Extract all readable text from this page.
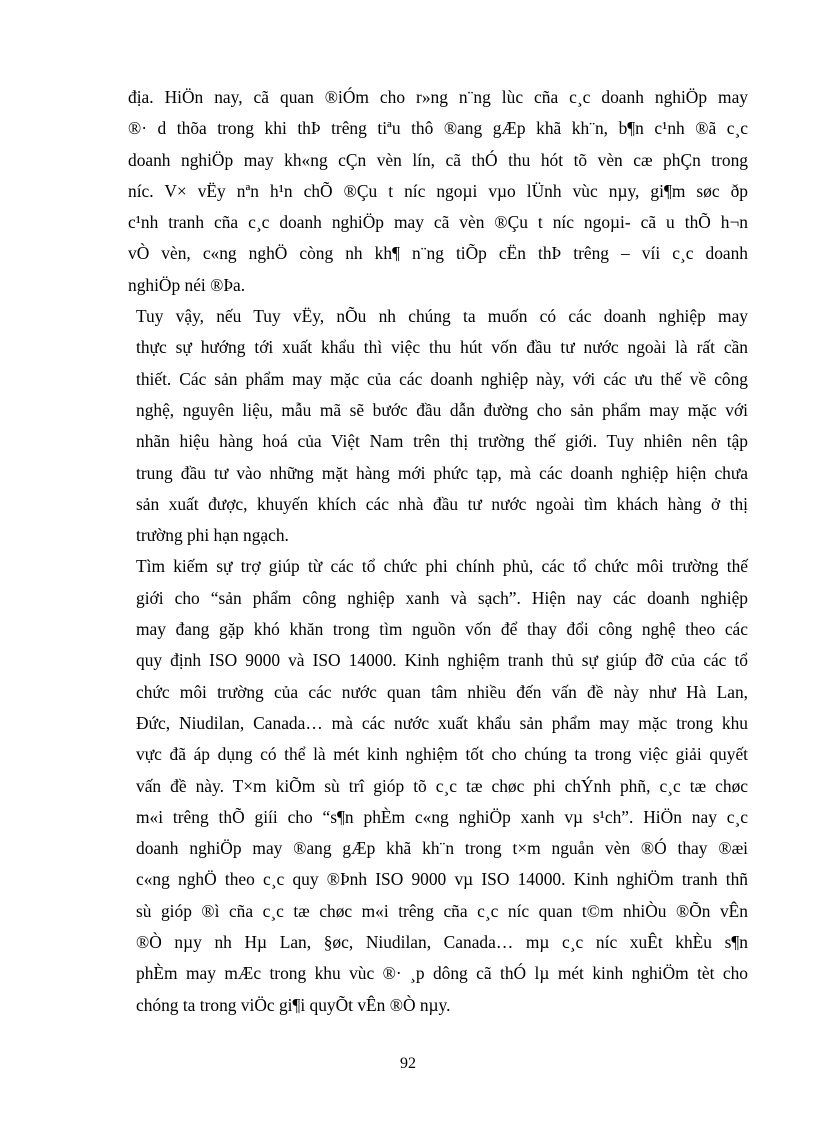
địa. HiÖn nay, cã quan ®iÓm cho r»ng n¨ng lùc cña c¸c doanh nghiÖp may
®· d thõa trong khi thÞ trêng tiªu thô ®ang gÆp khã kh¨n, b¶n c¹nh ®ã c¸c
doanh nghiÖp may kh«ng cÇn vèn lín, cã thÓ thu hót tõ vèn cæ phÇn trong
níc. V× vËy nªn h¹n chÕ ®Çu t níc ngoµi vµo lÜnh vùc nµy, gi¶m søc ðp
c¹nh tranh cña c¸c doanh nghiÖp may cã vèn ®Çu t níc ngoµi- cã u thÕ h¬n
vÒ vèn, c«ng nghÖ còng nh kh¶ n¨ng tiÕp cËn thÞ trêng – víi c¸c doanh
nghiÖp néi ®Þa.

Tuy vậy, nếu Tuy vËy, nÕu nh chúng ta muốn có các doanh nghiệp may
thực sự hướng tới xuất khẩu thì việc thu hút vốn đầu tư nước ngoài là rất cần
thiết. Các sản phẩm may mặc của các doanh nghiệp này, với các ưu thế về công
nghệ, nguyên liệu, mẫu mã sẽ bước đầu dẫn đường cho sản phẩm may mặc với
nhãn hiệu hàng hoá của Việt Nam trên thị trường thế giới. Tuy nhiên nên tập
trung đầu tư vào những mặt hàng mới phức tạp, mà các doanh nghiệp hiện chưa
sản xuất được, khuyến khích các nhà đầu tư nước ngoài tìm khách hàng ở thị
trường phi hạn ngạch.

Tìm kiếm sự trợ giúp từ các tổ chức phi chính phủ, các tổ chức môi trường thế
giới cho “sản phẩm công nghiệp xanh và sạch”. Hiện nay các doanh nghiệp
may đang gặp khó khăn trong tìm nguồn vốn để thay đổi công nghệ theo các
quy định ISO 9000 và ISO 14000. Kinh nghiệm tranh thủ sự giúp đỡ của các tổ
chức môi trường của các nước quan tâm nhiều đến vấn đề này như Hà Lan,
Đức, Niudilan, Canada… mà các nước xuất khẩu sản phẩm may mặc trong khu
vực đã áp dụng có thể là mét kinh nghiệm tốt cho chúng ta trong việc giải quyết
vấn đề này. T×m kiÕm sù trî gióp tõ c¸c tæ chøc phi chÝnh phñ, c¸c tæ chøc
m«i trêng thÕ giíi cho “s¶n phÈm c«ng nghiÖp xanh vµ s¹ch”. HiÖn nay c¸c
doanh nghiÖp may ®ang gÆp khã kh¨n trong t×m nguån vèn ®Ó thay ®æi
c«ng nghÖ theo c¸c quy ®Þnh ISO 9000 vµ ISO 14000. Kinh nghiÖm tranh thñ
sù gióp ®ì cña c¸c tæ chøc m«i trêng cña c¸c níc quan t©m nhiÒu ®Õn vÊn
®Ò nµy nh Hµ Lan, §øc, Niudilan, Canada… mµ c¸c níc xuÊt khÈu s¶n
phÈm may mÆc trong khu vùc ®· ¸p dông cã thÓ lµ mét kinh nghiÖm tèt cho
chóng ta trong viÖc gi¶i quyÕt vÊn ®Ò nµy.

92
